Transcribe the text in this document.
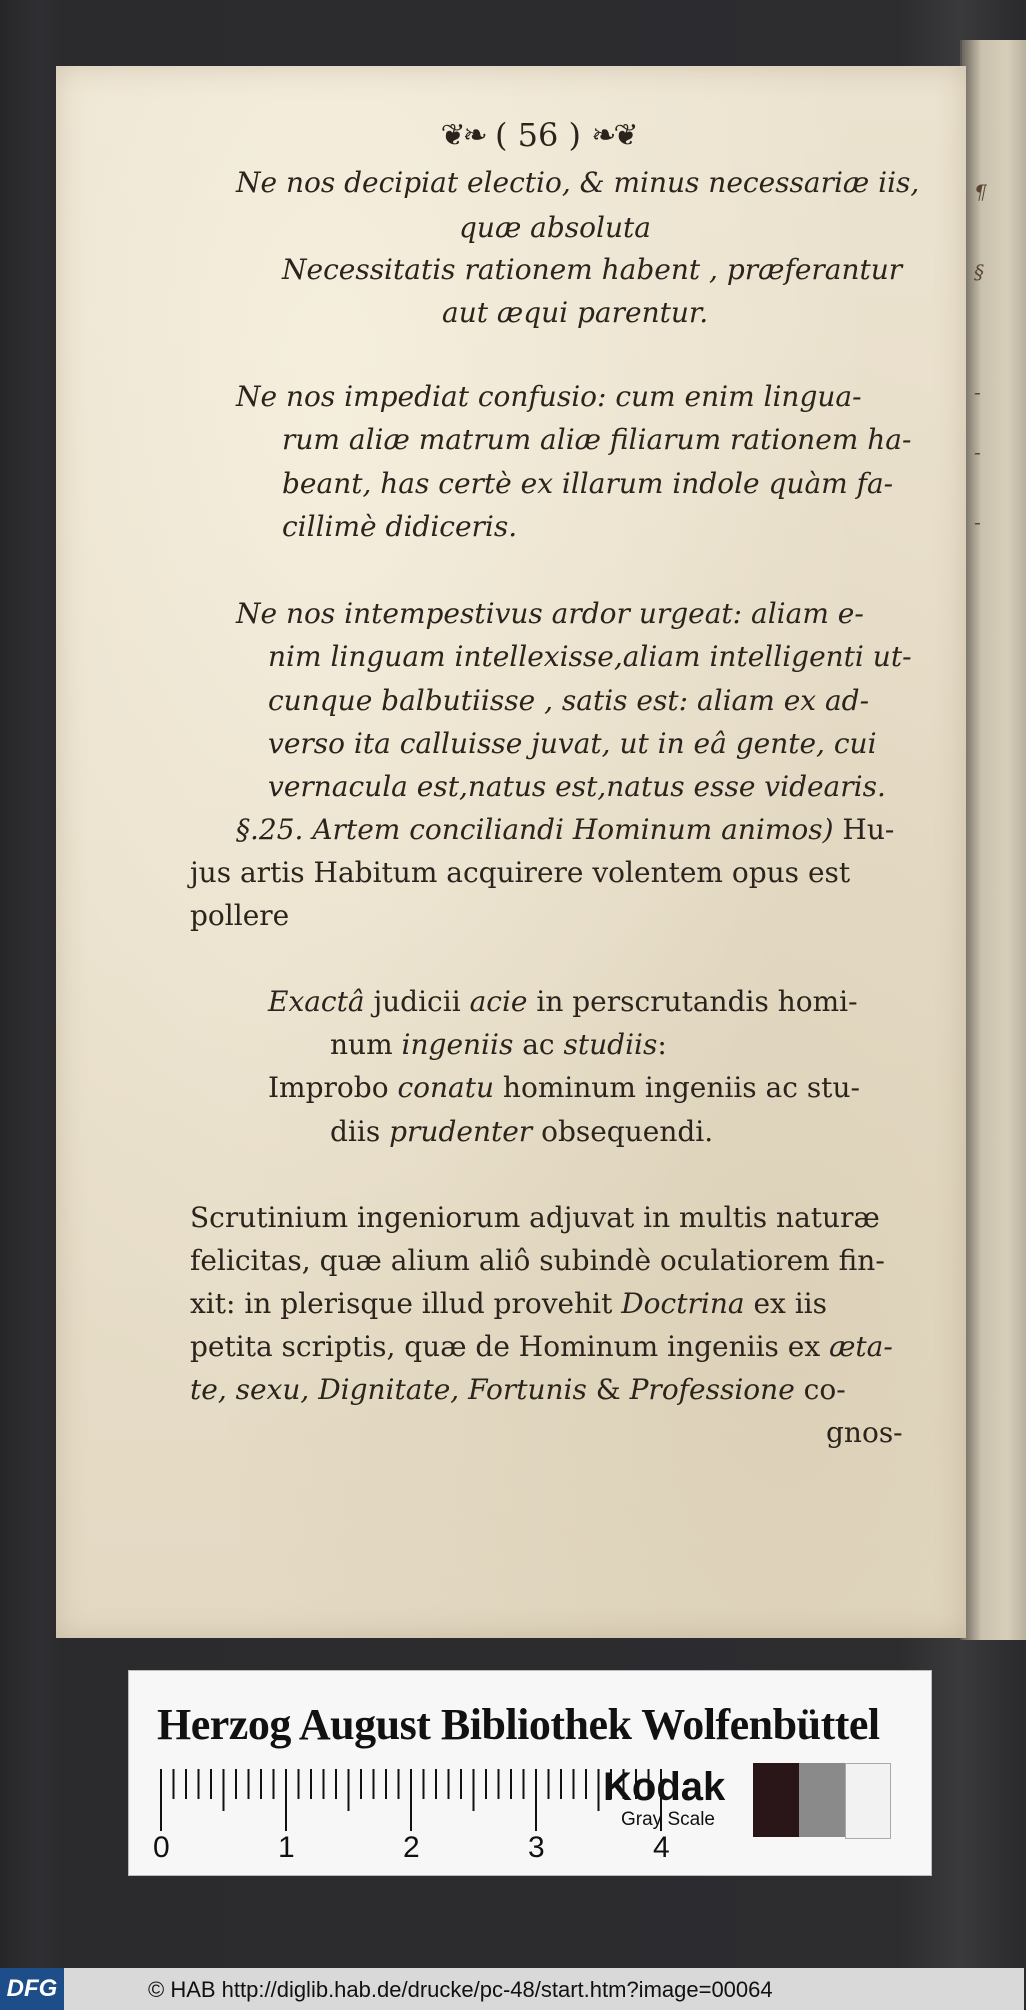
¶
§
-
-
-
❦❧ ( 56 ) ❧❦
Ne nos decipiat electio, & minus necessariæ iis,
quæ absoluta
Necessitatis rationem habent , præferantur
aut æqui parentur.
Ne nos impediat confusio: cum enim lingua-
rum aliæ matrum aliæ filiarum rationem ha-
beant, has certè ex illarum indole quàm fa-
cillimè didiceris.
Ne nos intempestivus ardor urgeat: aliam e-
nim linguam intellexisse,aliam intelligenti ut-
cunque balbutiisse , satis est: aliam ex ad-
verso ita calluisse juvat, ut in eâ gente, cui
vernacula est,natus est,natus esse videaris.
§.25. Artem conciliandi Hominum animos) Hu-
jus artis Habitum acquirere volentem opus est
pollere
Exactâ judicii acie in perscrutandis homi-
num ingeniis ac studiis:
Improbo conatu hominum ingeniis ac stu-
diis prudenter obsequendi.
Scrutinium ingeniorum adjuvat in multis naturæ
felicitas, quæ alium aliô subindè oculatiorem fin-
xit: in plerisque illud provehit Doctrina ex iis
petita scriptis, quæ de Hominum ingeniis ex æta-
te, sexu, Dignitate, Fortunis & Professione co-
gnos-
Herzog August Bibliothek Wolfenbüttel
0	1	2	3	4
Kodak
Gray Scale
DFG	© HAB http://diglib.hab.de/drucke/pc-48/start.htm?image=00064
